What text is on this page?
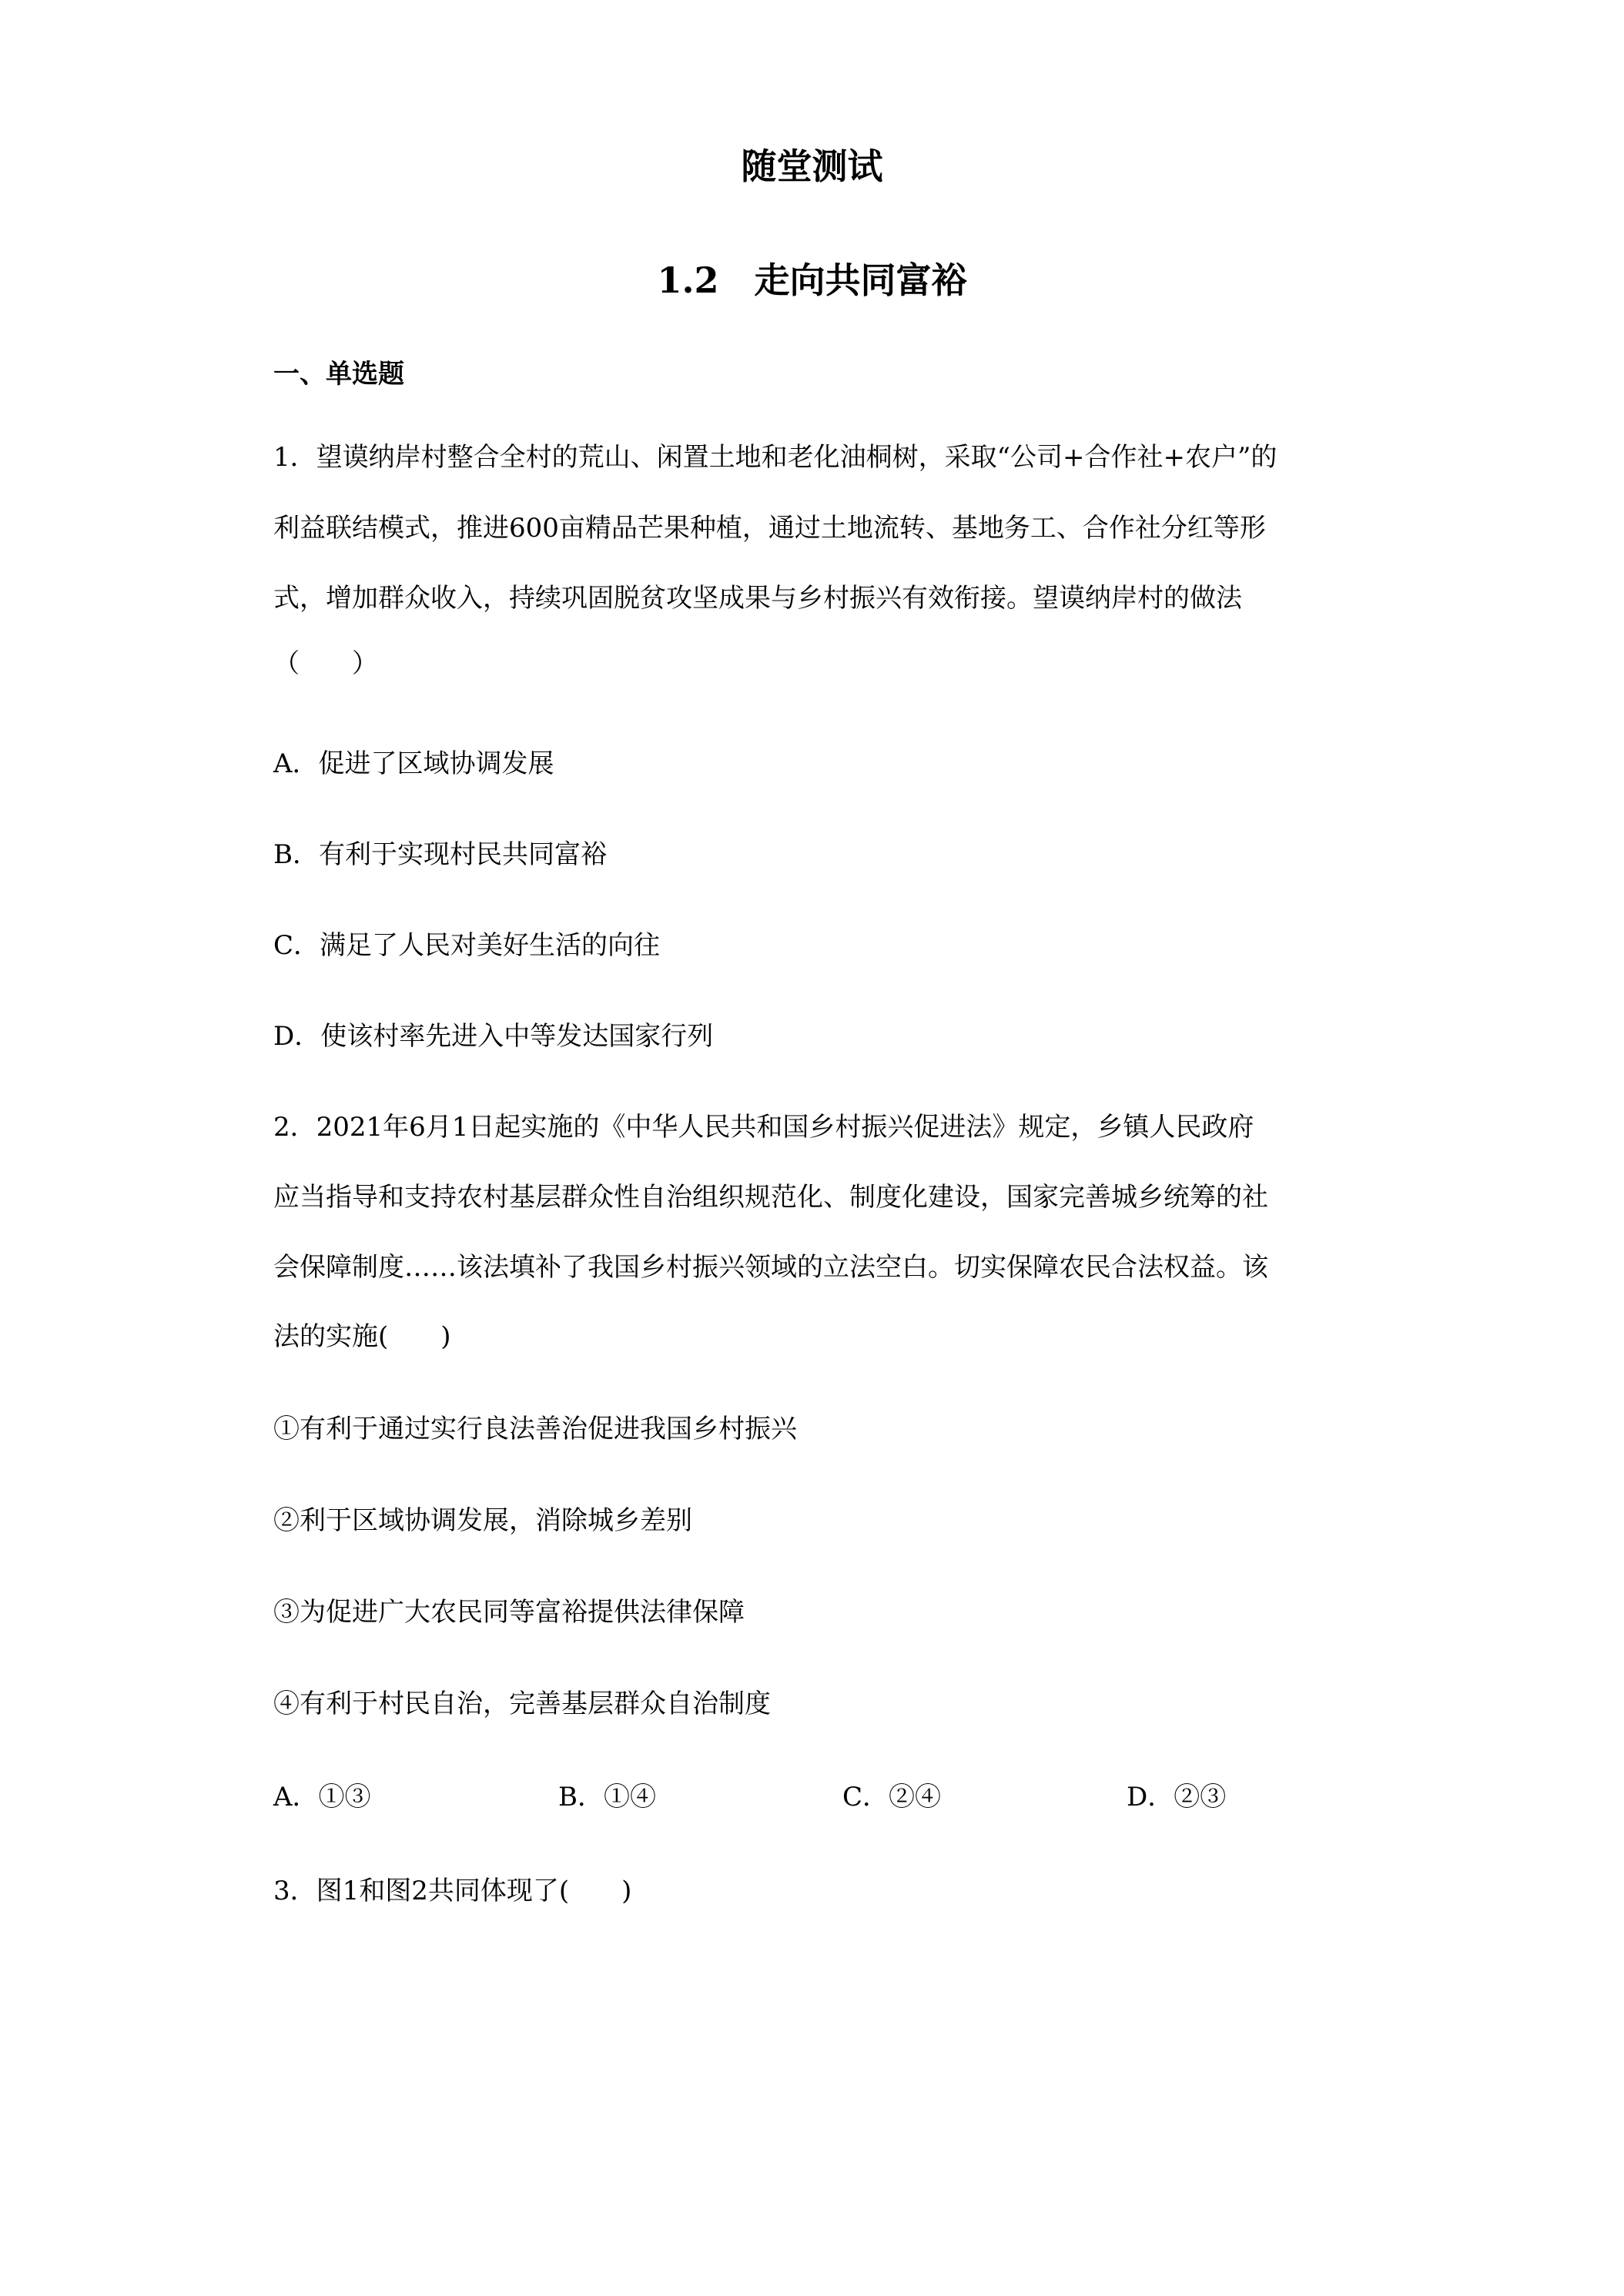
随堂测试
1.2　走向共同富裕
一、单选题
1．望谟纳岸村整合全村的荒山、闲置土地和老化油桐树，采取“公司+合作社+农户”的
利益联结模式，推进600亩精品芒果种植，通过土地流转、基地务工、合作社分红等形
式，增加群众收入，持续巩固脱贫攻坚成果与乡村振兴有效衔接。望谟纳岸村的做法
（　　）
A．促进了区域协调发展
B．有利于实现村民共同富裕
C．满足了人民对美好生活的向往
D．使该村率先进入中等发达国家行列
2．2021年6月1日起实施的《中华人民共和国乡村振兴促进法》规定，乡镇人民政府
应当指导和支持农村基层群众性自治组织规范化、制度化建设，国家完善城乡统筹的社
会保障制度……该法填补了我国乡村振兴领域的立法空白。切实保障农民合法权益。该
法的实施(　　)
①有利于通过实行良法善治促进我国乡村振兴
②利于区域协调发展，消除城乡差别
③为促进广大农民同等富裕提供法律保障
④有利于村民自治，完善基层群众自治制度
A．①③	B．①④	C．②④	D．②③
3．图1和图2共同体现了(　　)
